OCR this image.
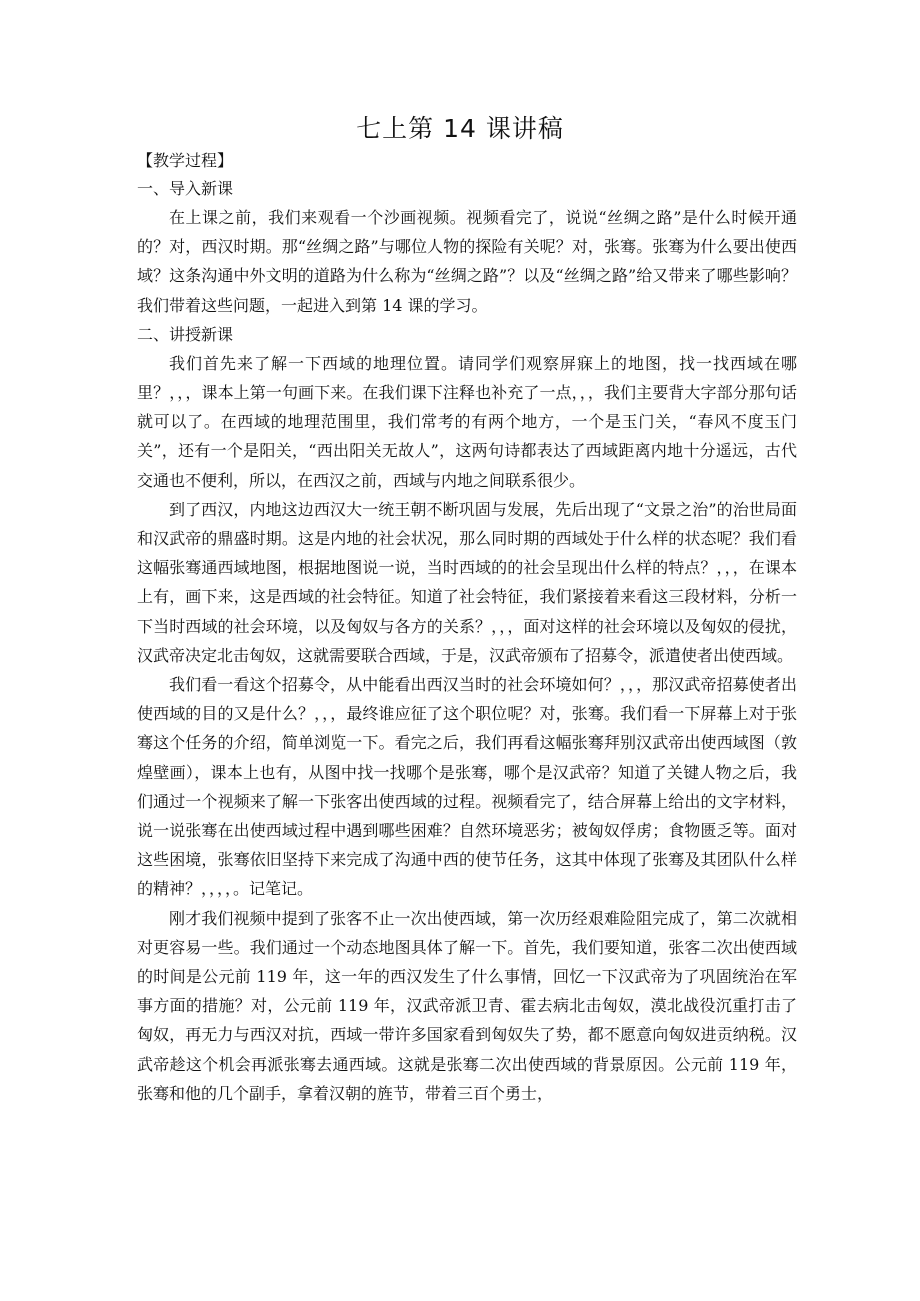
七上第 14 课讲稿

【教学过程】

一、导入新课

在上课之前，我们来观看一个沙画视频。视频看完了，说说“丝绸之路”是什么时候开通的？对，西汉时期。那“丝绸之路”与哪位人物的探险有关呢？对，张骞。张骞为什么要出使西域？这条沟通中外文明的道路为什么称为“丝绸之路”？以及“丝绸之路”给又带来了哪些影响？我们带着这些问题，一起进入到第 14 课的学习。

二、讲授新课

我们首先来了解一下西域的地理位置。请同学们观察屏寐上的地图，找一找西域在哪里？，，，课本上第一句画下来。在我们课下注释也补充了一点，，，我们主要背大字部分那句话就可以了。在西域的地理范围里，我们常考的有两个地方，一个是玉门关，“春风不度玉门关”，还有一个是阳关，“西出阳关无故人”，这两句诗都表达了西域距离内地十分遥远，古代交通也不便利，所以，在西汉之前，西域与内地之间联系很少。

到了西汉，内地这边西汉大一统王朝不断巩固与发展，先后出现了“文景之治”的治世局面和汉武帝的鼎盛时期。这是内地的社会状况，那么同时期的西域处于什么样的状态呢？我们看这幅张骞通西域地图，根据地图说一说，当时西域的的社会呈现出什么样的特点？，，，在课本上有，画下来，这是西域的社会特征。知道了社会特征，我们紧接着来看这三段材料，分析一下当时西域的社会环境，以及匈奴与各方的关系？，，，面对这样的社会环境以及匈奴的侵扰，汉武帝决定北击匈奴，这就需要联合西域，于是，汉武帝颁布了招募令，派遣使者出使西域。

我们看一看这个招募令，从中能看出西汉当时的社会环境如何？，，，那汉武帝招募使者出使西域的目的又是什么？，，，最终谁应征了这个职位呢？对，张骞。我们看一下屏幕上对于张骞这个任务的介绍，简单浏览一下。看完之后，我们再看这幅张骞拜别汉武帝出使西域图（敦煌壁画），课本上也有，从图中找一找哪个是张骞，哪个是汉武帝？知道了关键人物之后，我们通过一个视频来了解一下张客出使西域的过程。视频看完了，结合屏幕上给出的文字材料，说一说张骞在出使西域过程中遇到哪些困难？自然环境恶劣；被匈奴俘虏；食物匮乏等。面对这些困境，张骞依旧坚持下来完成了沟通中西的使节任务，这其中体现了张骞及其团队什么样的精神？，，，，。记笔记。

刚才我们视频中提到了张客不止一次出使西域，第一次历经艰难险阻完成了，第二次就相对更容易一些。我们通过一个动态地图具体了解一下。首先，我们要知道，张客二次出使西域的时间是公元前 119 年，这一年的西汉发生了什么事情，回忆一下汉武帝为了巩固统治在军事方面的措施？对，公元前 119 年，汉武帝派卫青、霍去病北击匈奴，漠北战役沉重打击了匈奴，再无力与西汉对抗，西域一带许多国家看到匈奴失了势，都不愿意向匈奴进贡纳税。汉武帝趁这个机会再派张骞去通西域。这就是张骞二次出使西域的背景原因。公元前 119 年，张骞和他的几个副手，拿着汉朝的旌节，带着三百个勇士，
